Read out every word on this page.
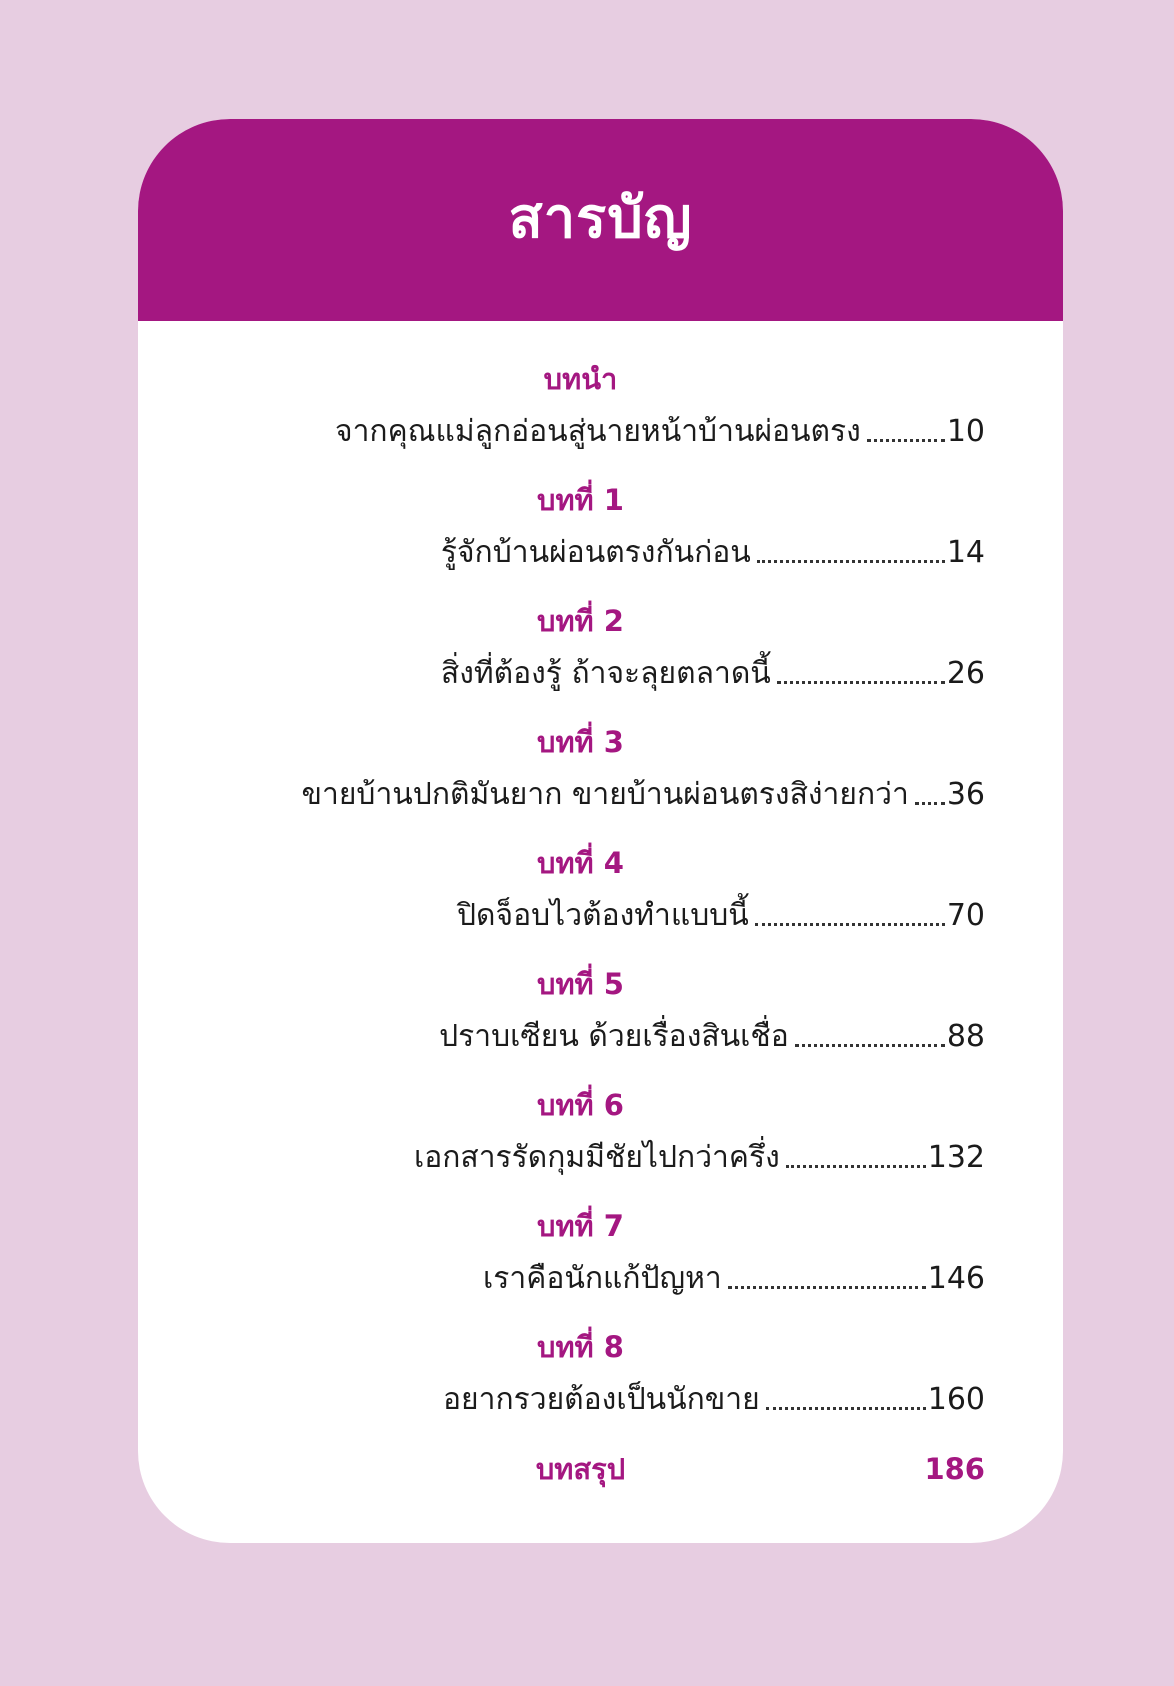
สารบัญ
บทนำ
จากคุณแม่ลูกอ่อนสู่นายหน้าบ้านผ่อนตรง	10
บทที่ 1
รู้จักบ้านผ่อนตรงกันก่อน	14
บทที่ 2
สิ่งที่ต้องรู้ ถ้าจะลุยตลาดนี้	26
บทที่ 3
ขายบ้านปกติมันยาก ขายบ้านผ่อนตรงสิง่ายกว่า 36
บทที่ 4
ปิดจ็อบไวต้องทำแบบนี้	70
บทที่ 5
ปราบเซียน ด้วยเรื่องสินเชื่อ	88
บทที่ 6
เอกสารรัดกุมมีชัยไปกว่าครึ่ง	132
บทที่ 7
เราคือนักแก้ปัญหา	146
บทที่ 8
อยากรวยต้องเป็นนักขาย	160
บทสรุป	186
